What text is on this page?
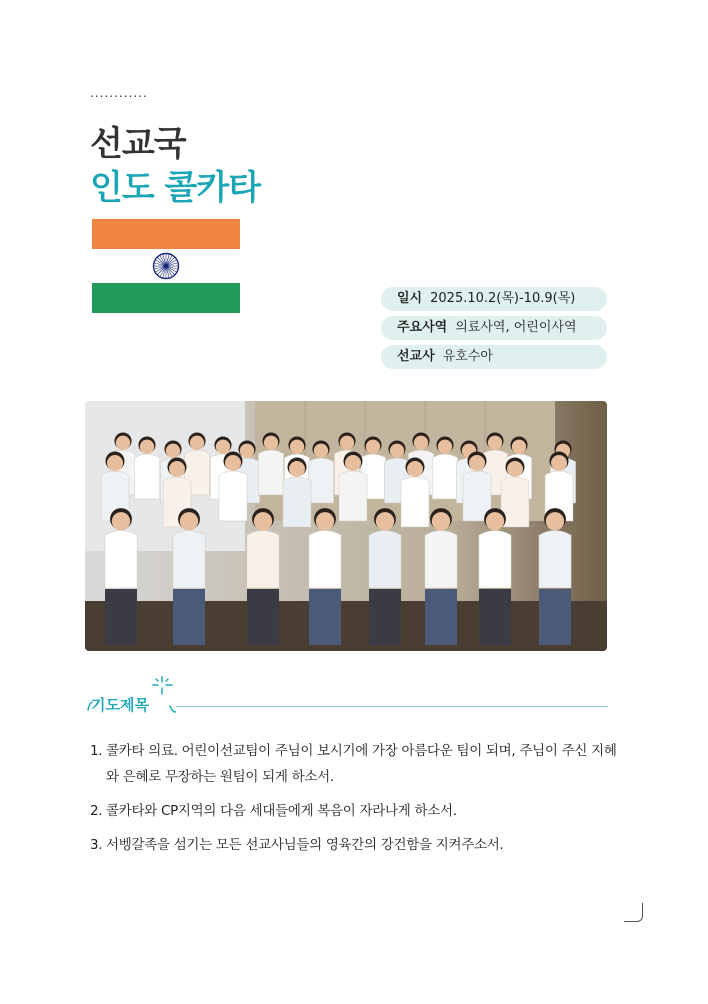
............
선교국
인도 콜카타
일시 2025.10.2(목)-10.9(목)
주요사역 의료사역, 어린이사역
선교사 유호수아
기도제목
1. 콜카타 의료. 어린이선교팀이 주님이 보시기에 가장 아름다운 팀이 되며, 주님이 주신 지혜와 은혜로 무장하는 원팀이 되게 하소서.
2. 콜카타와 CP지역의 다음 세대들에게 복음이 자라나게 하소서.
3. 서벵갈족을 섬기는 모든 선교사님들의 영육간의 강건함을 지켜주소서.
